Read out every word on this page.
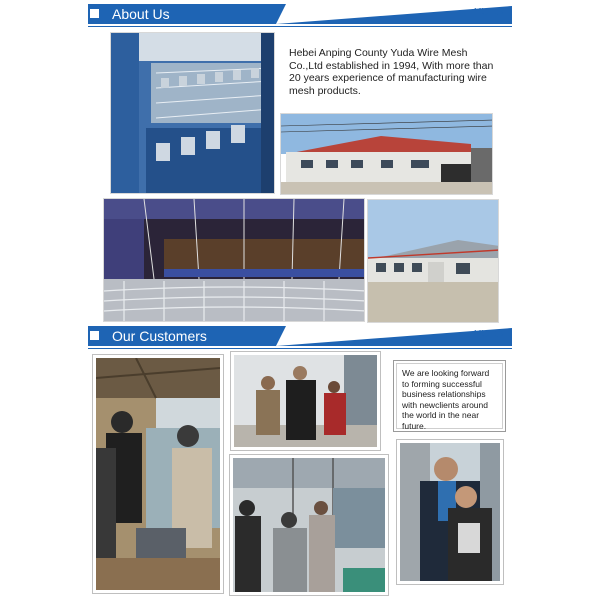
About Us	YUDA
Hebei Anping County Yuda Wire Mesh Co.,Ltd established in 1994, With more than 20 years experience of manufacturing wire mesh products.
Our Customers	YUDA
We are looking forward to forming successful business relationships with newclients around the world in the near future.
